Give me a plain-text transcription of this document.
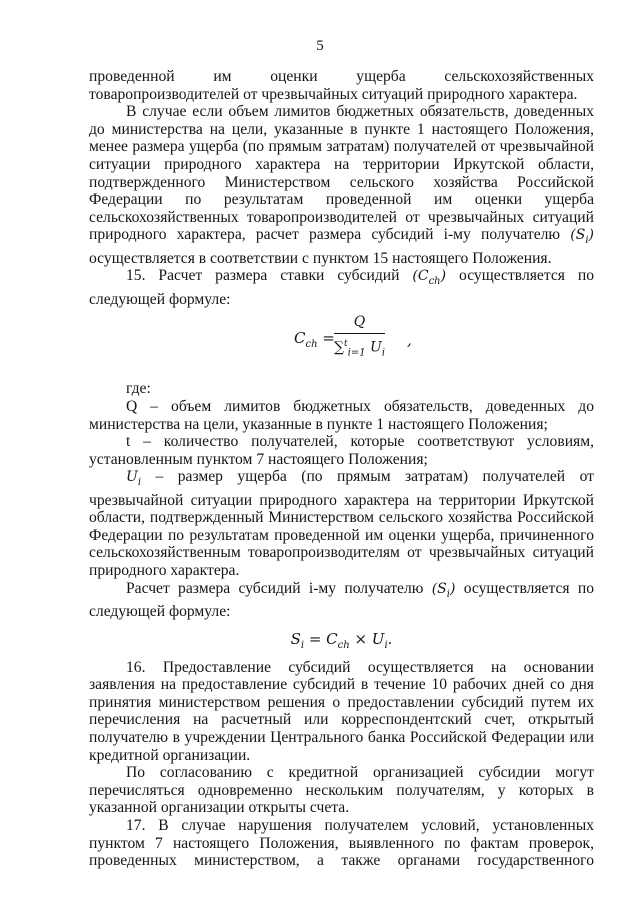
5

проведенной им оценки ущерба сельскохозяйственных товаропроизводителей от чрезвычайных ситуаций природного характера.

В случае если объем лимитов бюджетных обязательств, доведенных до министерства на цели, указанные в пункте 1 настоящего Положения, менее размера ущерба (по прямым затратам) получателей от чрезвычайной ситуации природного характера на территории Иркутской области, подтвержденного Министерством сельского хозяйства Российской Федерации по результатам проведенной им оценки ущерба сельскохозяйственных товаропроизводителей от чрезвычайных ситуаций природного характера, расчет размера субсидий i-му получателю $(S_i)$ осуществляется в соответствии с пунктом 15 настоящего Положения.

15. Расчет размера ставки субсидий $(C_{ch})$ осуществляется по следующей формуле:

$C_{ch} = \frac{Q}{\sum^t_{i=1} U_i}$ ,

где:

Q – объем лимитов бюджетных обязательств, доведенных до министерства на цели, указанные в пункте 1 настоящего Положения;

t – количество получателей, которые соответствуют условиям, установленным пунктом 7 настоящего Положения;

$U_i$ – размер ущерба (по прямым затратам) получателей от чрезвычайной ситуации природного характера на территории Иркутской области, подтвержденный Министерством сельского хозяйства Российской Федерации по результатам проведенной им оценки ущерба, причиненного сельскохозяйственным товаропроизводителям от чрезвычайных ситуаций природного характера.

Расчет размера субсидий i-му получателю $(S_i)$ осуществляется по следующей формуле:

$S_i = C_{ch} \times U_i$.

16. Предоставление субсидий осуществляется на основании заявления на предоставление субсидий в течение 10 рабочих дней со дня принятия министерством решения о предоставлении субсидий путем их перечисления на расчетный или корреспондентский счет, открытый получателю в учреждении Центрального банка Российской Федерации или кредитной организации.

По согласованию с кредитной организацией субсидии могут перечисляться одновременно нескольким получателям, у которых в указанной организации открыты счета.

17. В случае нарушения получателем условий, установленных пунктом 7 настоящего Положения, выявленного по фактам проверок, проведенных министерством, а также органами государственного
